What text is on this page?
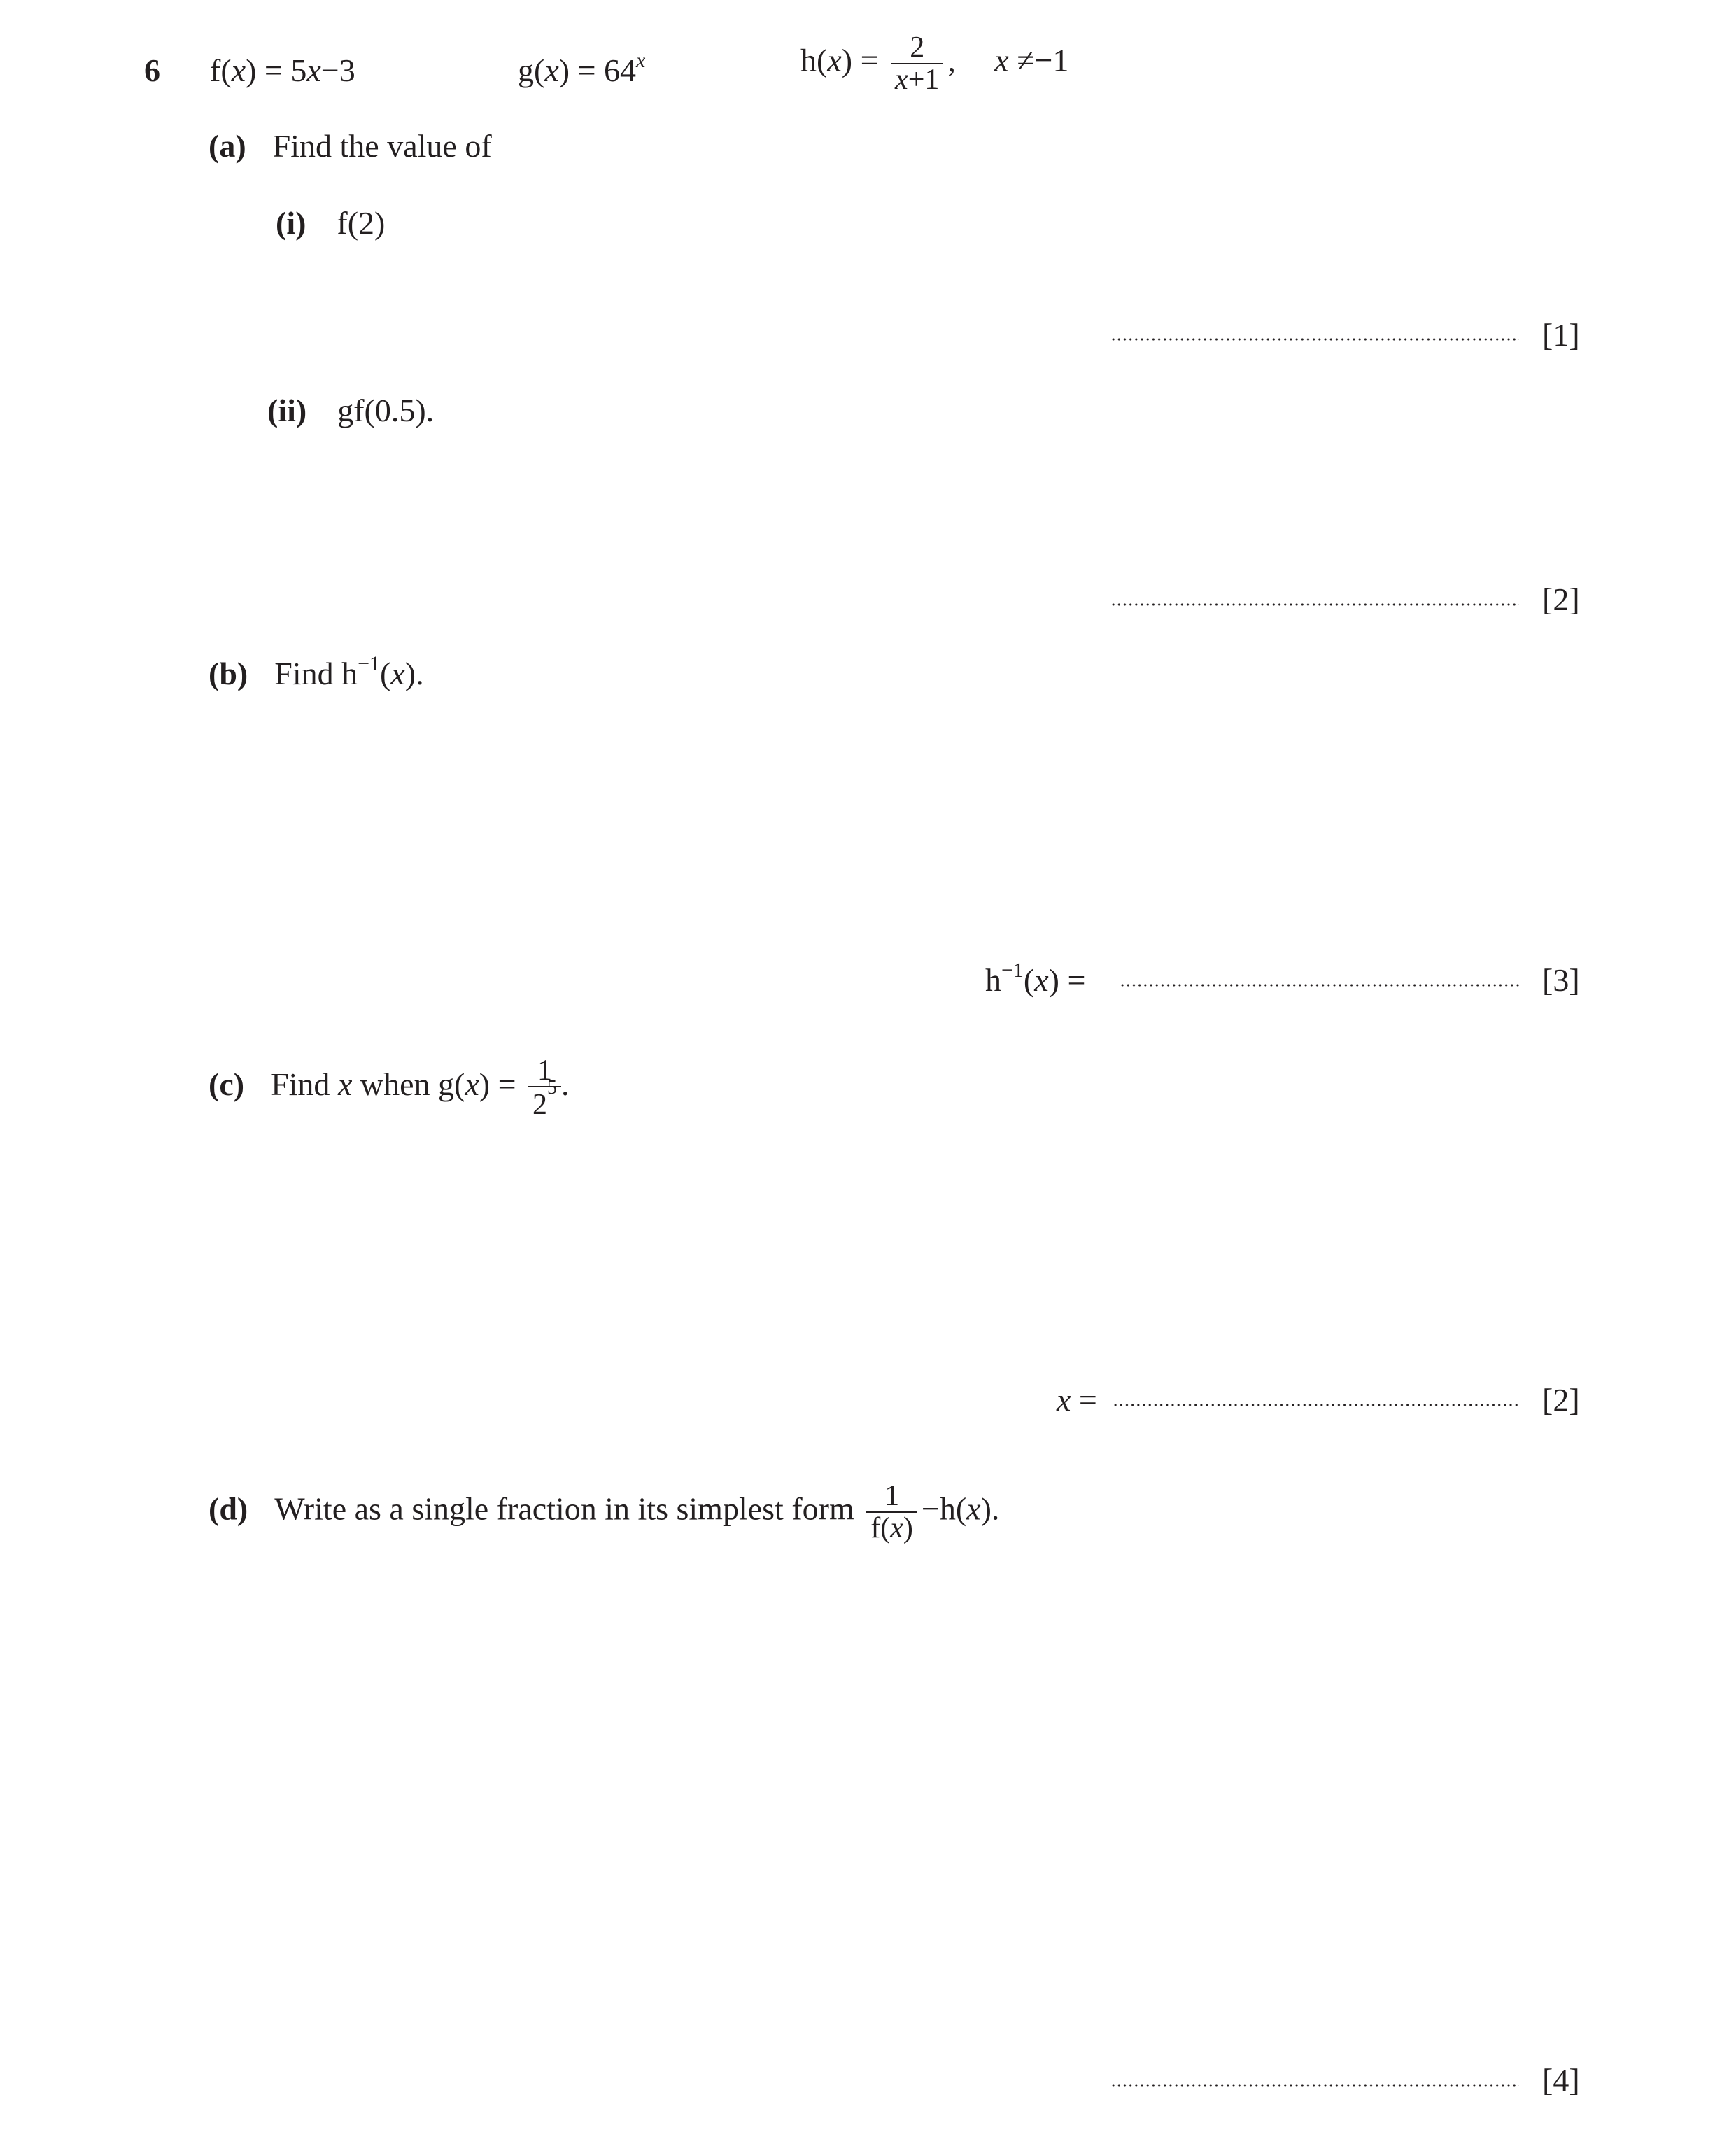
6 f(x) = 5x−3	$g(x) = 64^x$	$h(x) = \frac{2}{x+1}$ , x ≠−1
(a) Find the value of
(i) f(2)
[1]
(ii) gf(0.5).
[2]
(b) Find $h^{-1}(x)$.
$h^{-1}(x)$ =	[3]
(c) Find x when $g(x) = \frac{1}{2^5}$ .
x =	[2]
(d) Write as a single fraction in its simplest form $\frac{1}{f(x)} -h(x)$.
[4]
